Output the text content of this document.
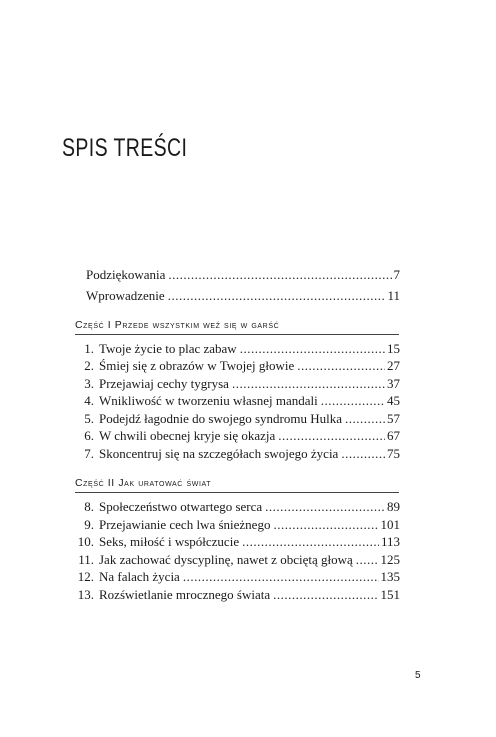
SPIS TREŚCI
Podziękowania .....	7
Wprowadzenie .....	11
Część I Przede wszystkim weź się w garść
1. Twoje życie to plac zabaw .....	15
2. Śmiej się z obrazów w Twojej głowie .....	27
3. Przejawiaj cechy tygrysa .....	37
4. Wnikliwość w tworzeniu własnej mandali .....	45
5. Podejdź łagodnie do swojego syndromu Hulka .....	57
6. W chwili obecnej kryje się okazja .....	67
7. Skoncentruj się na szczegółach swojego życia .....	75
Część II Jak uratować świat
8. Społeczeństwo otwartego serca .....	89
9. Przejawianie cech lwa śnieżnego .....	101
10. Seks, miłość i współczucie .....	113
11. Jak zachować dyscyplinę, nawet z obciętą głową ..... 125
12. Na falach życia .....	135
13. Rozświetlanie mrocznego świata .....	151
5
